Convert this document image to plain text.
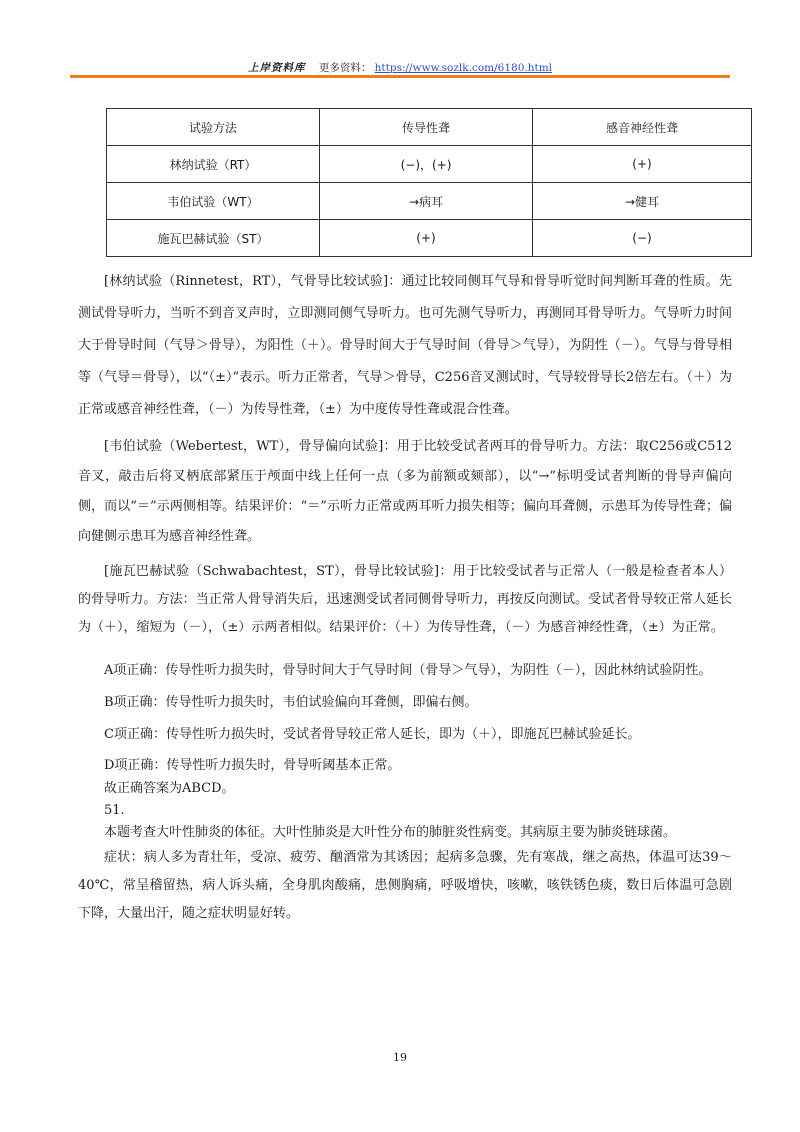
上岸资料库 更多资料： https://www.sozlk.com/6180.html
试验方法	传导性聋	感音神经性聋
林纳试验（RT）	(−)，(+)	(+)
韦伯试验（WT）	→病耳	→健耳
施瓦巴赫试验（ST）	(+)	(−)

[林纳试验（Rinnetest，RT），气骨导比较试验]：通过比较同侧耳气导和骨导听觉时间判断耳聋的性质。先测试骨导听力，当听不到音叉声时，立即测同侧气导听力。也可先测气导听力，再测同耳骨导听力。气导听力时间大于骨导时间（气导＞骨导），为阳性（＋）。骨导时间大于气导时间（骨导＞气导），为阴性（－）。气导与骨导相等（气导＝骨导），以“（±）”表示。听力正常者，气导＞骨导，C256音叉测试时，气导较骨导长2倍左右。（＋）为正常或感音神经性聋，（－）为传导性聋，（±）为中度传导性聋或混合性聋。

[韦伯试验（Webertest，WT），骨导偏向试验]：用于比较受试者两耳的骨导听力。方法：取C256或C512音叉，敲击后将叉柄底部紧压于颅面中线上任何一点（多为前额或颏部），以“→”标明受试者判断的骨导声偏向侧，而以“＝”示两侧相等。结果评价：“＝”示听力正常或两耳听力损失相等；偏向耳聋侧，示患耳为传导性聋；偏向健侧示患耳为感音神经性聋。

[施瓦巴赫试验（Schwabachtest，ST），骨导比较试验]：用于比较受试者与正常人（一般是检查者本人）的骨导听力。方法：当正常人骨导消失后，迅速测受试者同侧骨导听力，再按反向测试。受试者骨导较正常人延长为（＋），缩短为（－），（±）示两者相似。结果评价：（＋）为传导性聋，（－）为感音神经性聋，（±）为正常。

A项正确：传导性听力损失时，骨导时间大于气导时间（骨导＞气导），为阴性（－），因此林纳试验阴性。

B项正确：传导性听力损失时，韦伯试验偏向耳聋侧，即偏右侧。

C项正确：传导性听力损失时，受试者骨导较正常人延长，即为（＋），即施瓦巴赫试验延长。

D项正确：传导性听力损失时，骨导听阈基本正常。

故正确答案为ABCD。

51.

本题考查大叶性肺炎的体征。大叶性肺炎是大叶性分布的肺脏炎性病变。其病原主要为肺炎链球菌。

症状：病人多为青壮年，受凉、疲劳、酗酒常为其诱因；起病多急骤，先有寒战，继之高热，体温可达39～40℃，常呈稽留热，病人诉头痛，全身肌肉酸痛，患侧胸痛，呼吸增快，咳嗽，咳铁锈色痰，数日后体温可急剧下降，大量出汗，随之症状明显好转。

19
